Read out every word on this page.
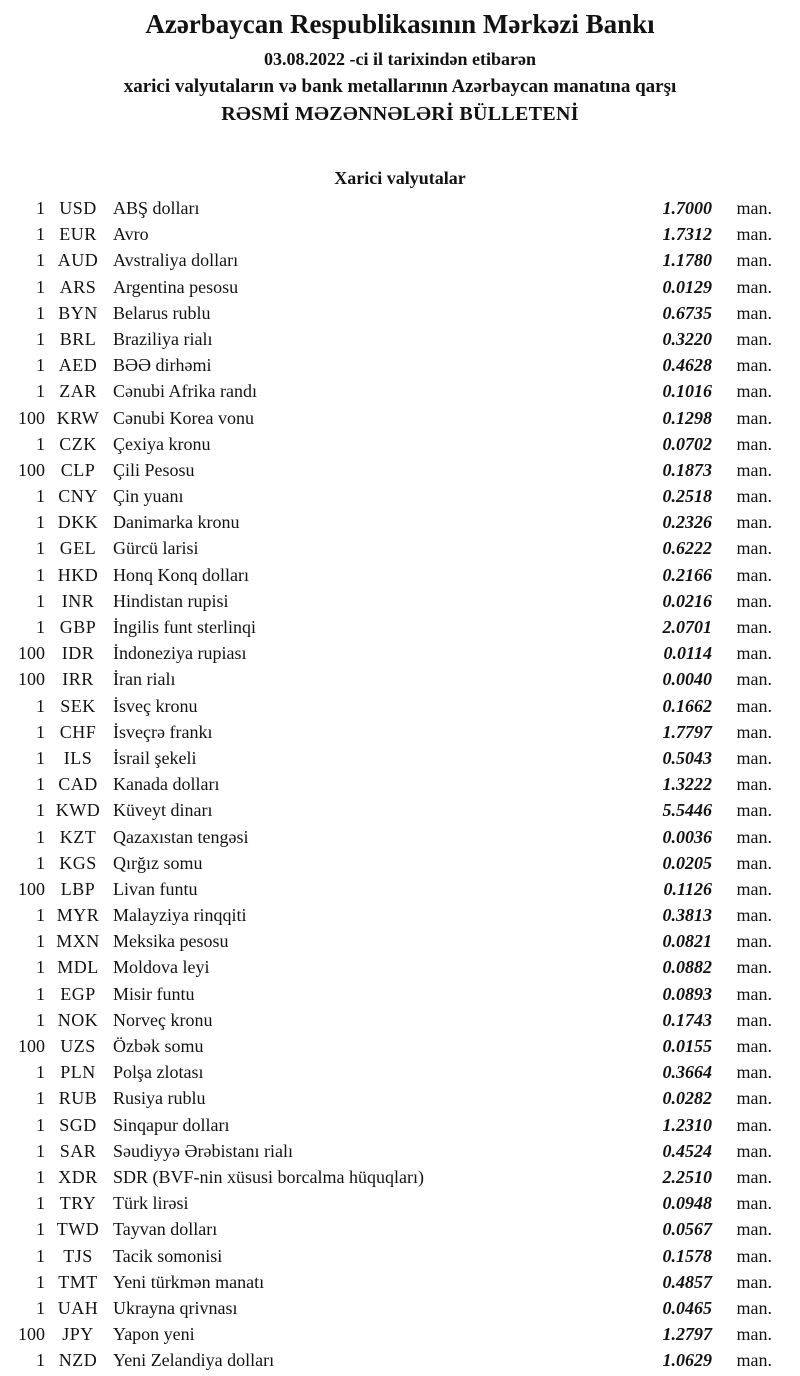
Azərbaycan Respublikasının Mərkəzi Bankı
03.08.2022 -ci il tarixindən etibarən
xarici valyutaların və bank metallarının Azərbaycan manatına qarşı
RƏSMİ MƏZƏNNƏLƏRİ BÜLLETENİ
Xarici valyutalar
1 USD ABŞ dolları	1.7000	man.
1 EUR Avro	1.7312	man.
1 AUD Avstraliya dolları	1.1780	man.
1 ARS Argentina pesosu	0.0129	man.
1 BYN Belarus rublu	0.6735	man.
1 BRL Braziliya rialı	0.3220	man.
1 AED BƏƏ dirhəmi	0.4628	man.
1 ZAR Cənubi Afrika randı	0.1016	man.
100 KRW Cənubi Korea vonu	0.1298	man.
1 CZK Çexiya kronu	0.0702	man.
100 CLP Çili Pesosu	0.1873	man.
1 CNY Çin yuanı	0.2518	man.
1 DKK Danimarka kronu	0.2326	man.
1 GEL Gürcü larisi	0.6222	man.
1 HKD Honq Konq dolları	0.2166	man.
1 INR	Hindistan rupisi	0.0216	man.
1 GBP İngilis funt sterlinqi	2.0701	man.
100 IDR	İndoneziya rupiası	0.0114	man.
100 IRR	İran rialı	0.0040	man.
1 SEK İsveç kronu	0.1662	man.
1 CHF İsveçrə frankı	1.7797	man.
1	ILS	İsrail şekeli	0.5043	man.
1 CAD Kanada dolları	1.3222	man.
1 KWD Küveyt dinarı	5.5446	man.
1 KZT Qazaxıstan tengəsi	0.0036	man.
1 KGS Qırğız somu	0.0205	man.
100 LBP Livan funtu	0.1126	man.
1 MYR Malayziya rinqqiti	0.3813	man.
1 MXN Meksika pesosu	0.0821	man.
1 MDL Moldova leyi	0.0882	man.
1 EGP Misir funtu	0.0893	man.
1 NOK Norveç kronu	0.1743	man.
100 UZS Özbək somu	0.0155	man.
1 PLN Polşa zlotası	0.3664	man.
1 RUB Rusiya rublu	0.0282	man.
1 SGD Sinqapur dolları	1.2310	man.
1 SAR Səudiyyə Ərəbistanı rialı	0.4524	man.
1 XDR SDR (BVF-nin xüsusi borcalma hüquqları)	2.2510	man.
1 TRY Türk lirəsi	0.0948	man.
1 TWD Tayvan dolları	0.0567	man.
1	TJS	Tacik somonisi	0.1578	man.
1 TMT Yeni türkmən manatı	0.4857	man.
1 UAH Ukrayna qrivnası	0.0465	man.
100 JPY	Yapon yeni	1.2797	man.
1 NZD Yeni Zelandiya dolları	1.0629	man.
